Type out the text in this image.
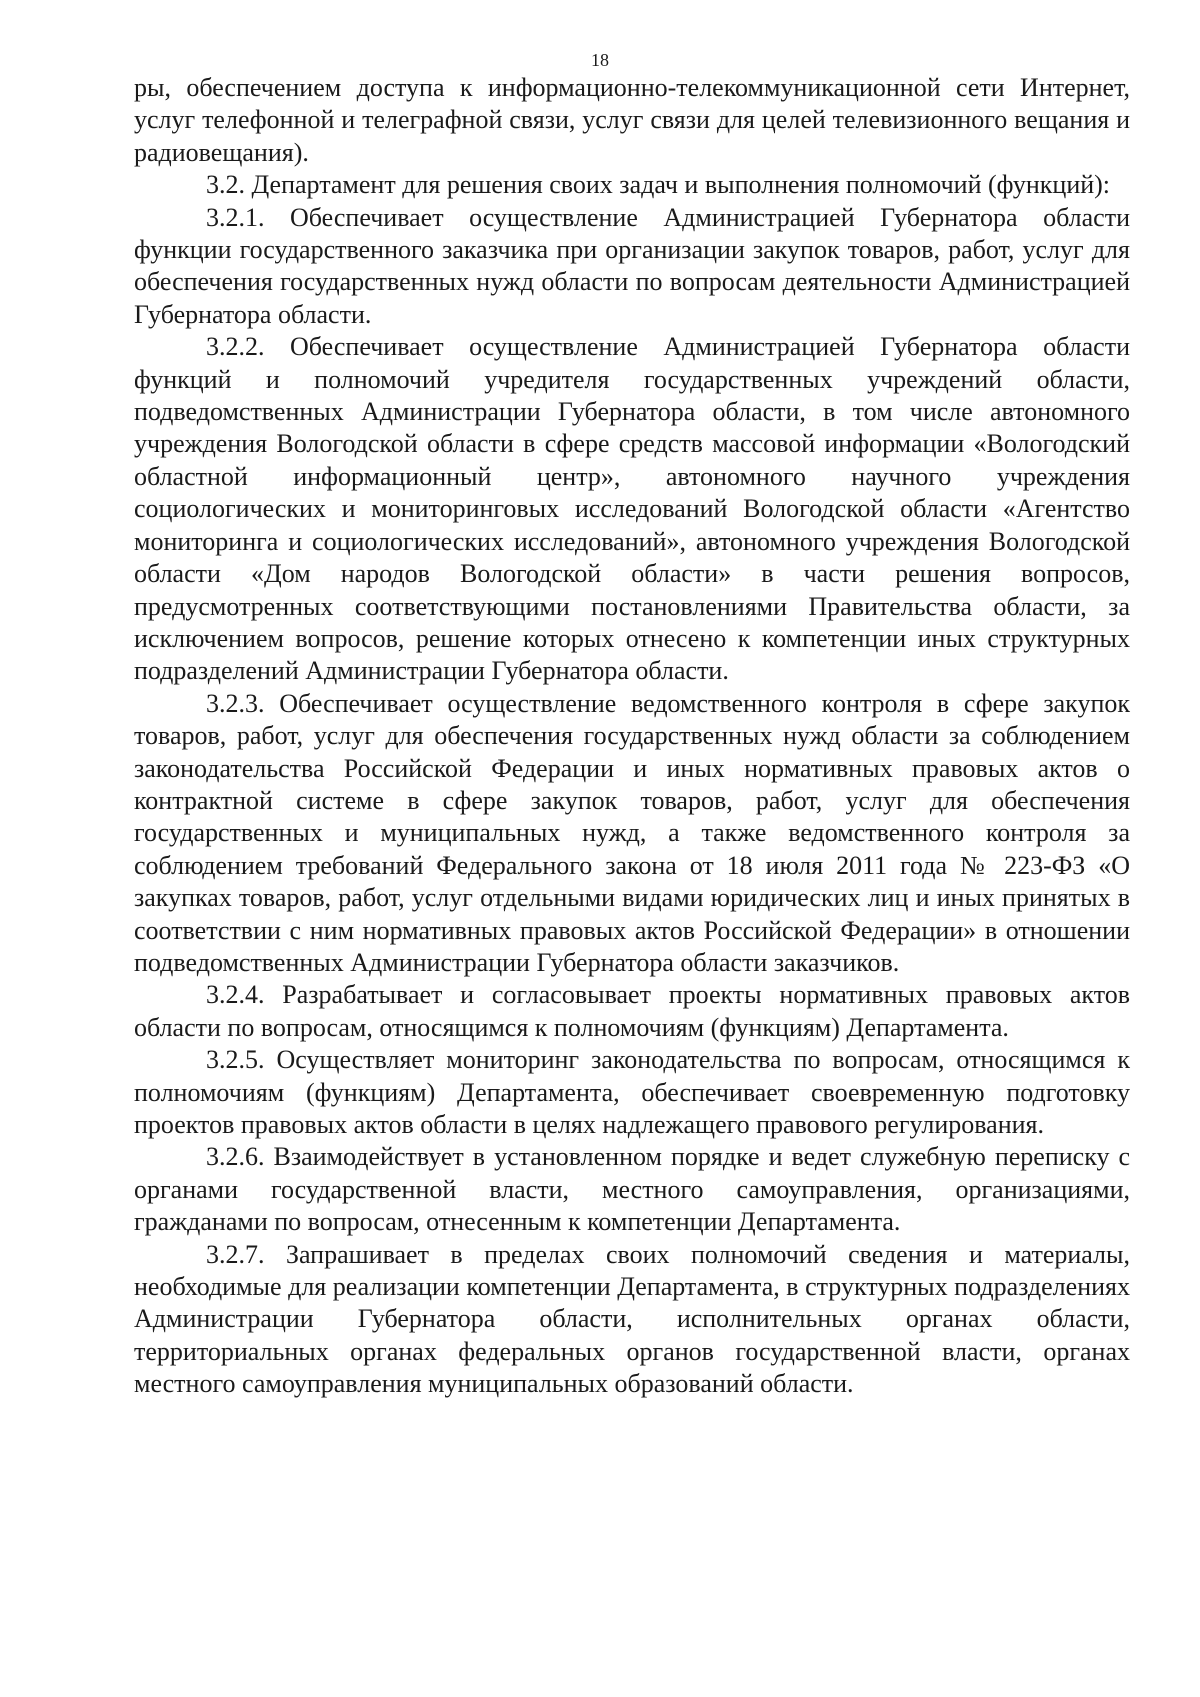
18

ры, обеспечением доступа к информационно-телекоммуникационной сети Интернет, услуг телефонной и телеграфной связи, услуг связи для целей телевизионного вещания и радиовещания).

3.2. Департамент для решения своих задач и выполнения полномочий (функций):

3.2.1. Обеспечивает осуществление Администрацией Губернатора области функции государственного заказчика при организации закупок товаров, работ, услуг для обеспечения государственных нужд области по вопросам деятельности Администрацией Губернатора области.

3.2.2. Обеспечивает осуществление Администрацией Губернатора области функций и полномочий учредителя государственных учреждений области, подведомственных Администрации Губернатора области, в том числе автономного учреждения Вологодской области в сфере средств массовой информации «Вологодский областной информационный центр», автономного научного учреждения социологических и мониторинговых исследований Вологодской области «Агентство мониторинга и социологических исследований», автономного учреждения Вологодской области «Дом народов Вологодской области» в части решения вопросов, предусмотренных соответствующими постановлениями Правительства области, за исключением вопросов, решение которых отнесено к компетенции иных структурных подразделений Администрации Губернатора области.

3.2.3. Обеспечивает осуществление ведомственного контроля в сфере закупок товаров, работ, услуг для обеспечения государственных нужд области за соблюдением законодательства Российской Федерации и иных нормативных правовых актов о контрактной системе в сфере закупок товаров, работ, услуг для обеспечения государственных и муниципальных нужд, а также ведомственного контроля за соблюдением требований Федерального закона от 18 июля 2011 года № 223-ФЗ «О закупках товаров, работ, услуг отдельными видами юридических лиц и иных принятых в соответствии с ним нормативных правовых актов Российской Федерации» в отношении подведомственных Администрации Губернатора области заказчиков.

3.2.4. Разрабатывает и согласовывает проекты нормативных правовых актов области по вопросам, относящимся к полномочиям (функциям) Департамента.

3.2.5. Осуществляет мониторинг законодательства по вопросам, относящимся к полномочиям (функциям) Департамента, обеспечивает своевременную подготовку проектов правовых актов области в целях надлежащего правового регулирования.

3.2.6. Взаимодействует в установленном порядке и ведет служебную переписку с органами государственной власти, местного самоуправления, организациями, гражданами по вопросам, отнесенным к компетенции Департамента.

3.2.7. Запрашивает в пределах своих полномочий сведения и материалы, необходимые для реализации компетенции Департамента, в структурных подразделениях Администрации Губернатора области, исполнительных органах области, территориальных органах федеральных органов государственной власти, органах местного самоуправления муниципальных образований области.
